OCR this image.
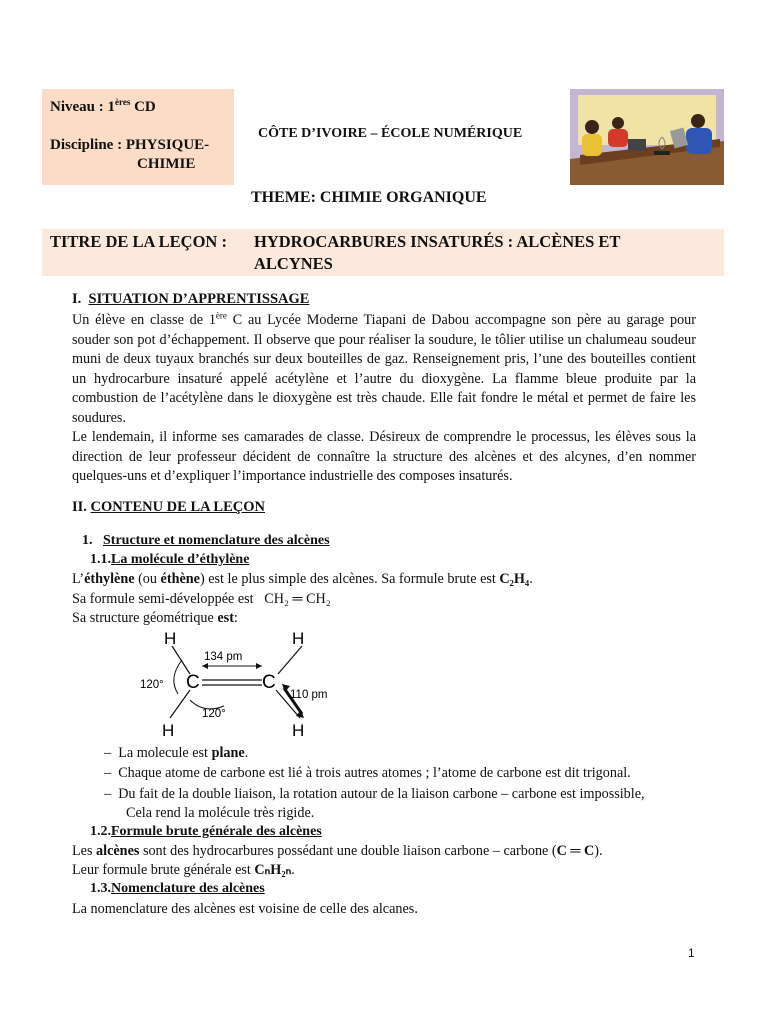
Niveau : 1ères CD
Discipline : PHYSIQUE-
CHIMIE
CÔTE D’IVOIRE – ÉCOLE NUMÉRIQUE
THEME: CHIMIE ORGANIQUE
TITRE DE LA LEÇON : HYDROCARBURES INSATURÉS : ALCÈNES ET
ALCYNES
I. SITUATION D’APPRENTISSAGE
Un élève en classe de 1ère C au Lycée Moderne Tiapani de Dabou accompagne son père au garage pour souder son pot d’échappement. Il observe que pour réaliser la soudure, le tôlier utilise un chalumeau soudeur muni de deux tuyaux branchés sur deux bouteilles de gaz. Renseignement pris, l’une des bouteilles contient un hydrocarbure insaturé appelé acétylène et l’autre du dioxygène. La flamme bleue produite par la combustion de l’acétylène dans le dioxygène est très chaude. Elle fait fondre le métal et permet de faire les soudures.
Le lendemain, il informe ses camarades de classe. Désireux de comprendre le processus, les élèves sous la direction de leur professeur décident de connaître la structure des alcènes et des alcynes, d’en nommer quelques-uns et d’expliquer l’importance industrielle des composes insaturés.
II. CONTENU DE LA LEÇON
1. Structure et nomenclature des alcènes
1.1.La molécule d’éthylène
L’éthylène (ou éthène) est le plus simple des alcènes. Sa formule brute est C₂H₄.
Sa formule semi-développée est CH₂ ═ CH₂
Sa structure géométrique est:
H	H
C	C
H	H
134 pm
110 pm
120°
120°
– La molecule est plane.
– Chaque atome de carbone est lié à trois autres atomes ; l’atome de carbone est dit trigonal.
– Du fait de la double liaison, la rotation autour de la liaison carbone – carbone est impossible,
Cela rend la molécule très rigide.
1.2.Formule brute générale des alcènes
Les alcènes sont des hydrocarbures possédant une double liaison carbone – carbone (C ═ C).
Leur formule brute générale est CₙH₂ₙ.
1.3.Nomenclature des alcènes
La nomenclature des alcènes est voisine de celle des alcanes.
1
